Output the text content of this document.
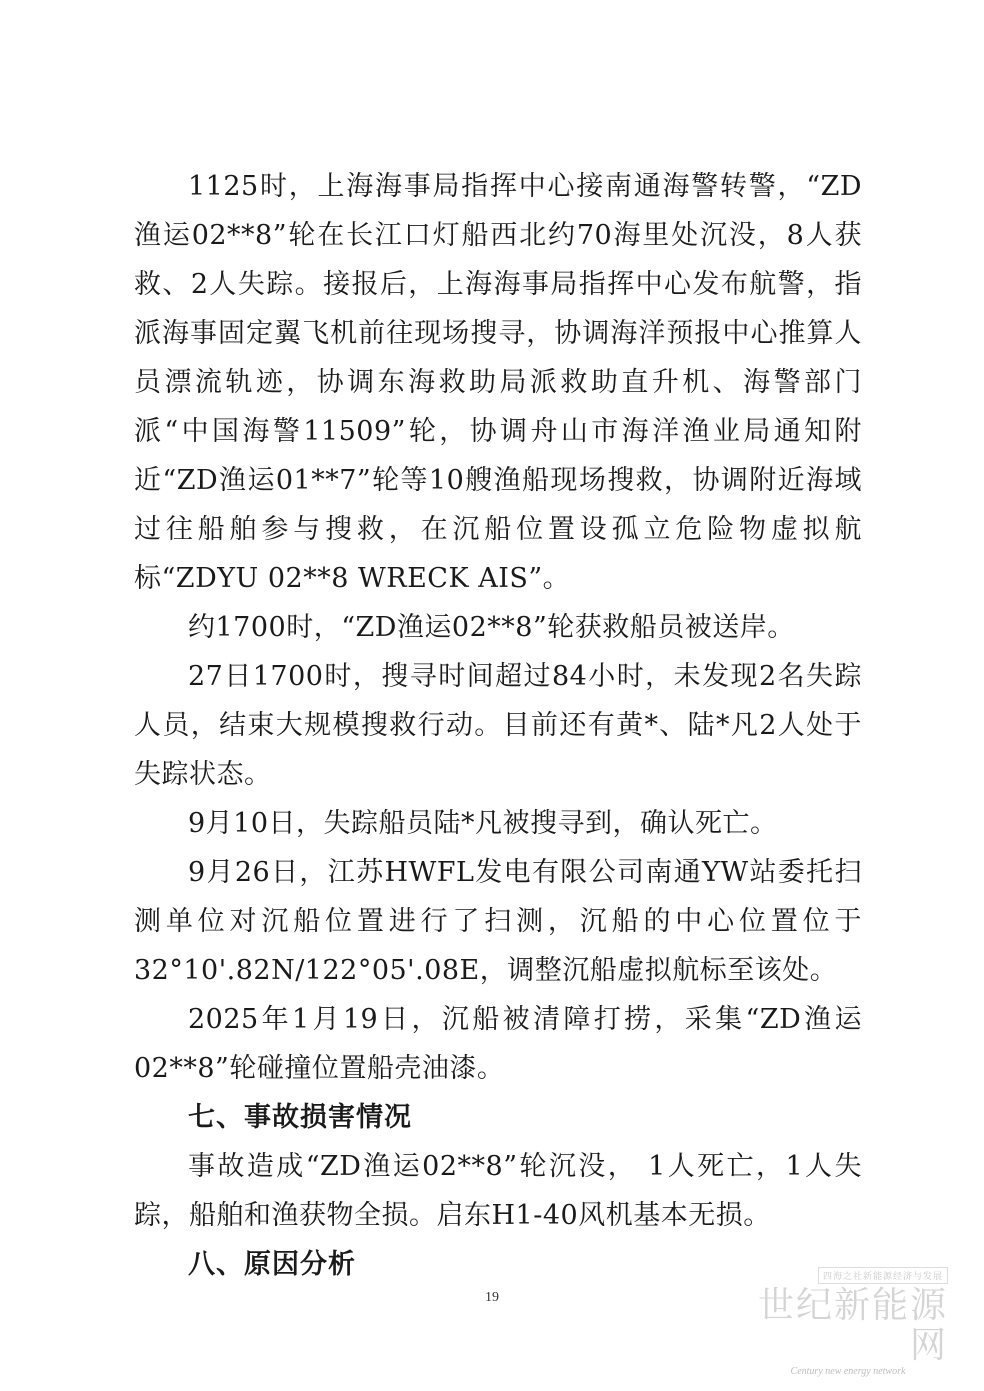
1125时，上海海事局指挥中心接南通海警转警，“ZD渔运02**8”轮在长江口灯船西北约70海里处沉没，8人获救、2人失踪。接报后，上海海事局指挥中心发布航警，指派海事固定翼飞机前往现场搜寻，协调海洋预报中心推算人员漂流轨迹，协调东海救助局派救助直升机、海警部门派“中国海警11509”轮，协调舟山市海洋渔业局通知附近“ZD渔运01**7”轮等10艘渔船现场搜救，协调附近海域过往船舶参与搜救，在沉船位置设孤立危险物虚拟航标“ZDYU 02**8 WRECK AIS”。

约1700时，“ZD渔运02**8”轮获救船员被送岸。

27日1700时，搜寻时间超过84小时，未发现2名失踪人员，结束大规模搜救行动。目前还有黄*、陆*凡2人处于失踪状态。

9月10日，失踪船员陆*凡被搜寻到，确认死亡。

9月26日，江苏HWFL发电有限公司南通YW站委托扫测单位对沉船位置进行了扫测，沉船的中心位置位于32°10'.82N/122°05'.08E，调整沉船虚拟航标至该处。

2025年1月19日，沉船被清障打捞，采集“ZD渔运02**8”轮碰撞位置船壳油漆。

七、事故损害情况

事故造成“ZD渔运02**8”轮沉没， 1人死亡，1人失踪，船舶和渔获物全损。启东H1-40风机基本无损。

八、原因分析

19
四海之社新能源经济与发展
世纪新能源网
Century new energy network
